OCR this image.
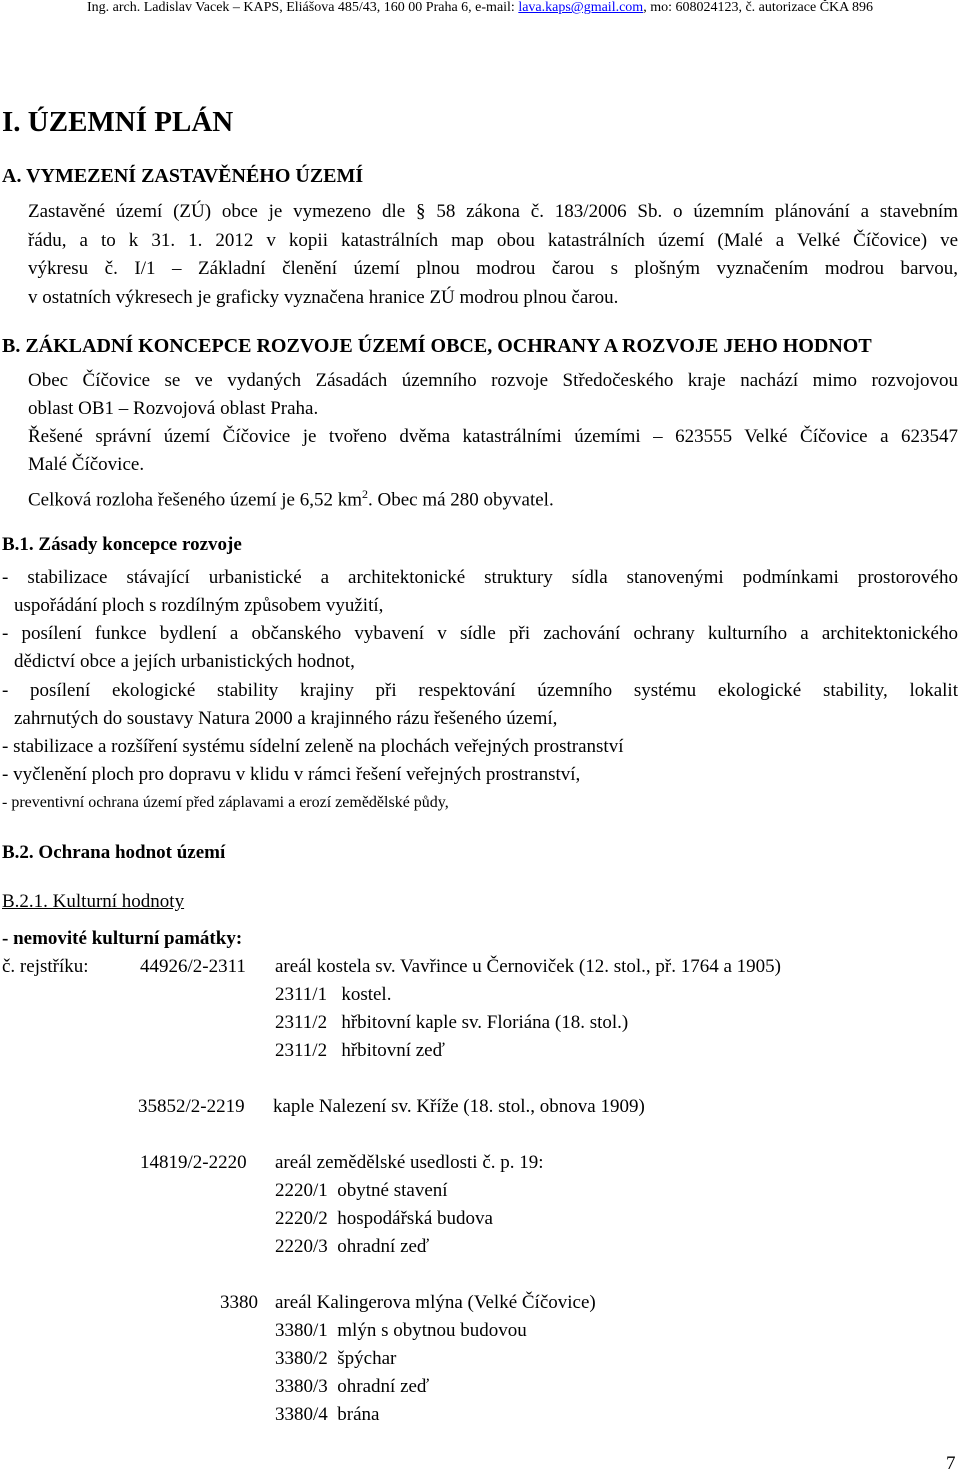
Ing. arch. Ladislav Vacek – KAPS, Eliášova 485/43, 160 00 Praha 6, e-mail: lava.kaps@gmail.com, mo: 608024123, č. autorizace ČKA 896
I. ÚZEMNÍ PLÁN
A. VYMEZENÍ ZASTAVĚNÉHO ÚZEMÍ
Zastavěné území (ZÚ) obce je vymezeno dle § 58 zákona č. 183/2006 Sb. o územním plánování a stavebním
řádu, a to k 31. 1. 2012 v kopii katastrálních map obou katastrálních území (Malé a Velké Číčovice) ve
výkresu č. I/1 – Základní členění území plnou modrou čarou s plošným vyznačením modrou barvou,
v ostatních výkresech je graficky vyznačena hranice ZÚ modrou plnou čarou.
B. ZÁKLADNÍ KONCEPCE ROZVOJE ÚZEMÍ OBCE, OCHRANY A ROZVOJE JEHO HODNOT
Obec Číčovice se ve vydaných Zásadách územního rozvoje Středočeského kraje nachází mimo rozvojovou
oblast OB1 – Rozvojová oblast Praha.
Řešené správní území Číčovice je tvořeno dvěma katastrálními územími – 623555 Velké Číčovice a 623547
Malé Číčovice.
Celková rozloha řešeného území je 6,52 $km^2$. Obec má 280 obyvatel.
B.1. Zásady koncepce rozvoje
- stabilizace stávající urbanistické a architektonické struktury sídla stanovenými podmínkami prostorového
uspořádání ploch s rozdílným způsobem využití,
- posílení funkce bydlení a občanského vybavení v sídle při zachování ochrany kulturního a architektonického
dědictví obce a jejích urbanistických hodnot,
- posílení ekologické stability krajiny při respektování územního systému ekologické stability, lokalit
zahrnutých do soustavy Natura 2000 a krajinného rázu řešeného území,
- stabilizace a rozšíření systému sídelní zeleně na plochách veřejných prostranství
- vyčlenění ploch pro dopravu v klidu v rámci řešení veřejných prostranství,
- preventivní ochrana území před záplavami a erozí zemědělské půdy,
B.2. Ochrana hodnot území
B.2.1. Kulturní hodnoty
- nemovité kulturní památky:
č. rejstříku:	44926/2-2311 areál kostela sv. Vavřince u Černoviček (12. stol., př. 1764 a 1905)
2311/1 kostel.
2311/2 hřbitovní kaple sv. Floriána (18. stol.)
2311/2 hřbitovní zeď
35852/2-2219 kaple Nalezení sv. Kříže (18. stol., obnova 1909)
14819/2-2220 areál zemědělské usedlosti č. p. 19:
2220/1 obytné stavení
2220/2 hospodářská budova
2220/3 ohradní zeď
3380 areál Kalingerova mlýna (Velké Číčovice)
3380/1 mlýn s obytnou budovou
3380/2 špýchar
3380/3 ohradní zeď
3380/4 brána
7
